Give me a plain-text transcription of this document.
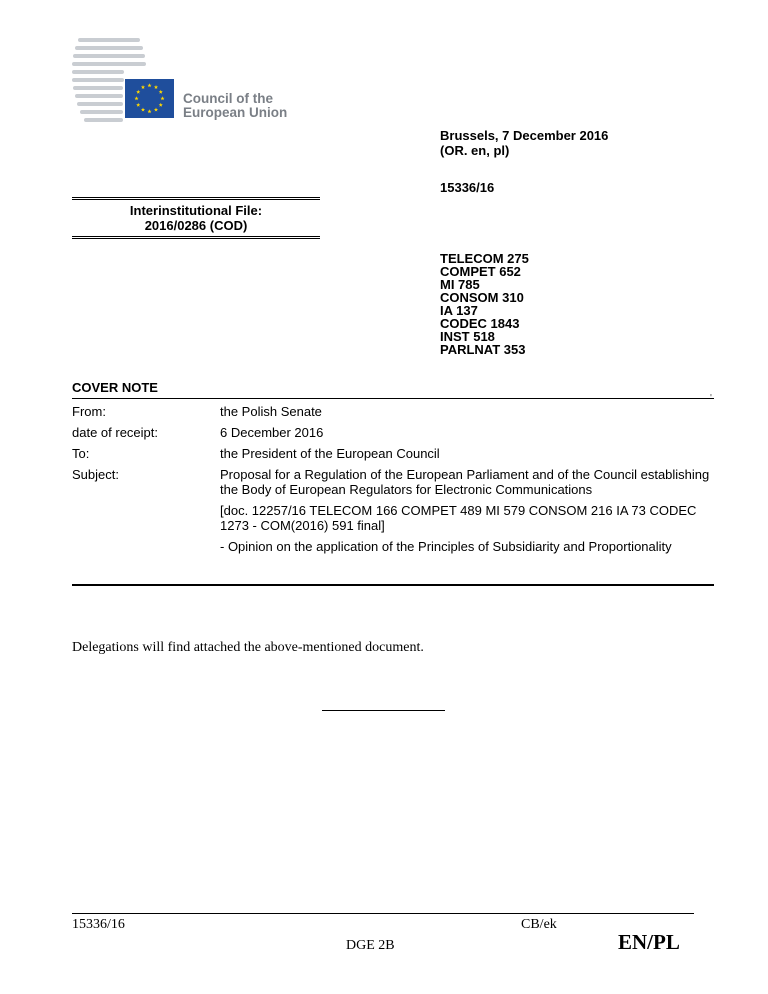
Council of the
European Union
Brussels, 7 December 2016
(OR. en, pl)
15336/16
Interinstitutional File:
2016/0286 (COD)
TELECOM 275
COMPET 652
MI 785
CONSOM 310
IA 137
CODEC 1843
INST 518
PARLNAT 353
COVER NOTE
'
From:	the Polish Senate
date of receipt:	6 December 2016
To:	the President of the European Council
Subject:	Proposal for a Regulation of the European Parliament and of the Council establishing the Body of European Regulators for Electronic Communications

[doc. 12257/16 TELECOM 166 COMPET 489 MI 579 CONSOM 216 IA 73 CODEC 1273 - COM(2016) 591 final]

- Opinion on the application of the Principles of Subsidiarity and Proportionality

Delegations will find attached the above-mentioned document.
15336/16	CB/ek
DGE 2B	EN/PL
